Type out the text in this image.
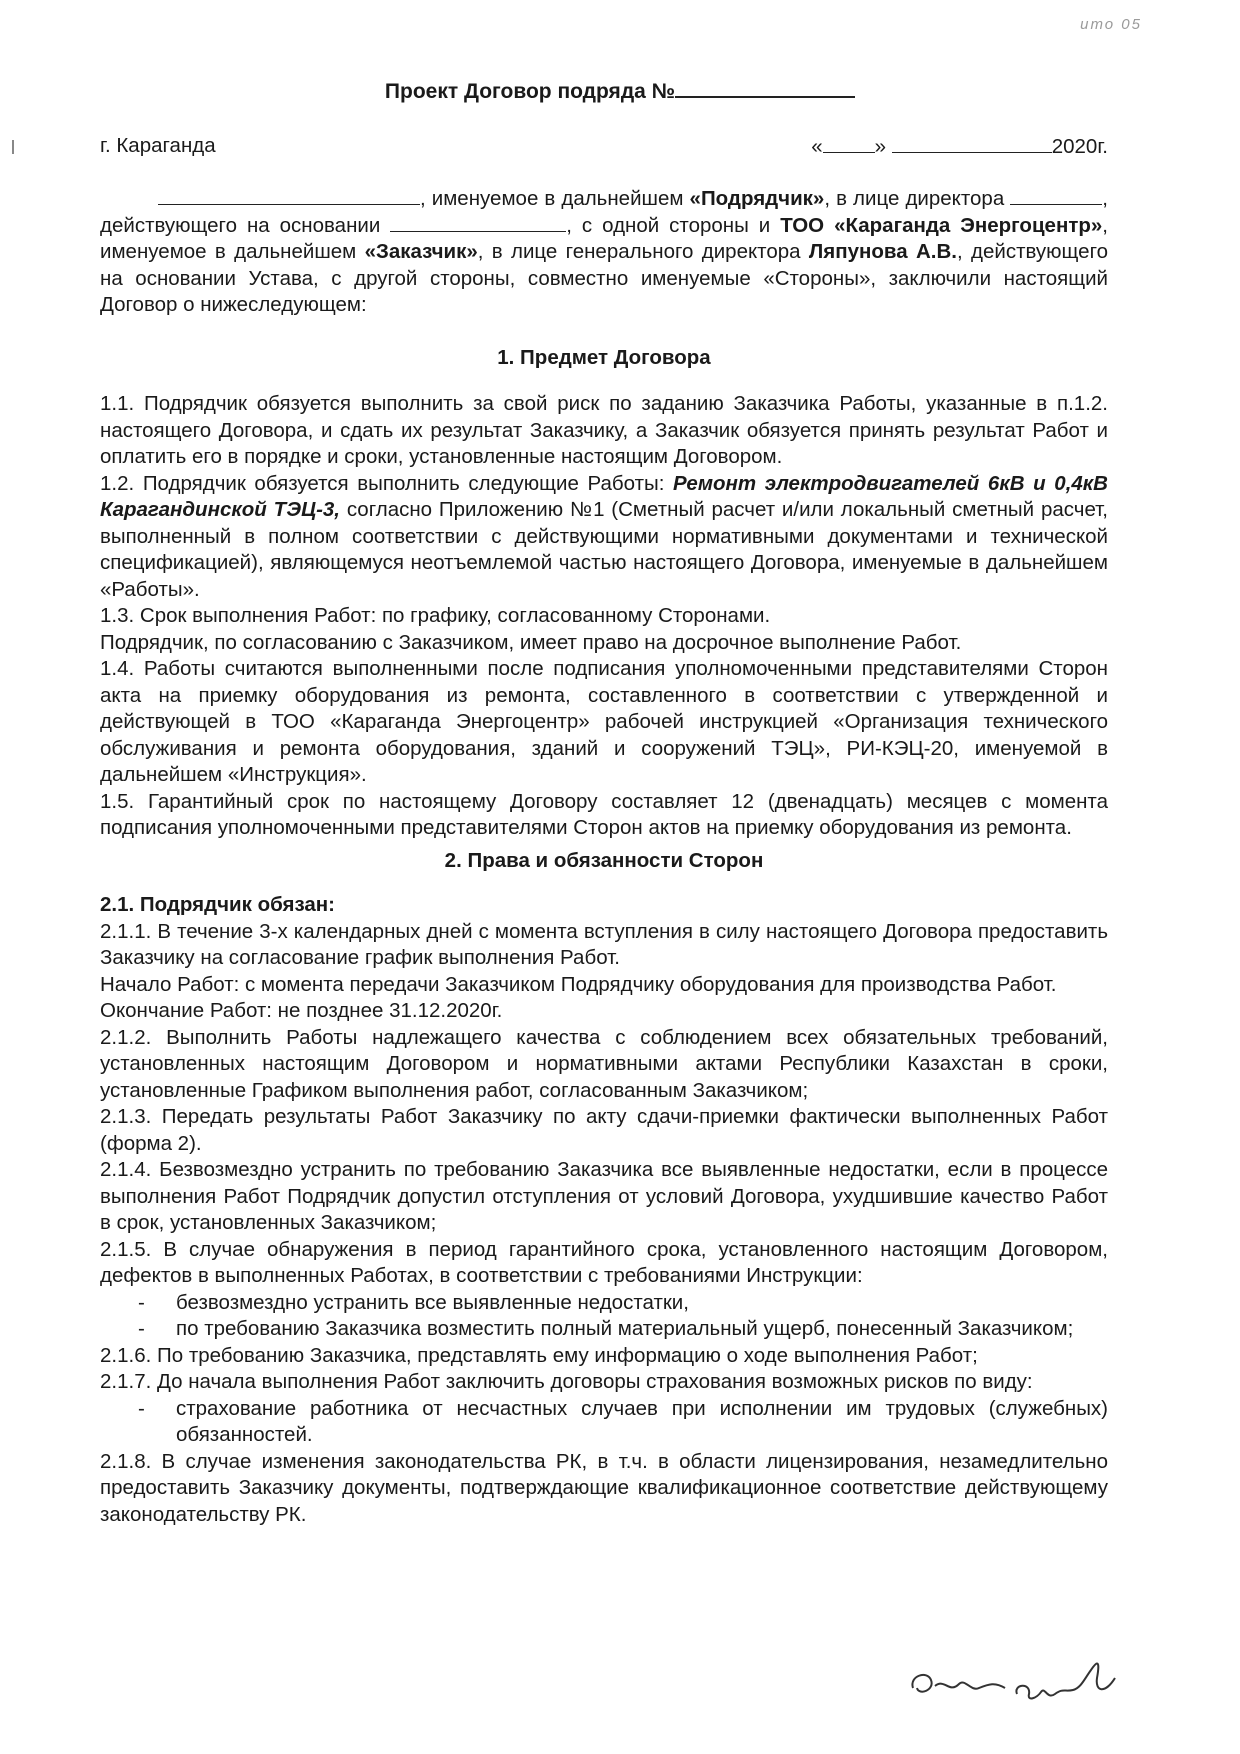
ито 05
Проект Договор подряда №
г. Караганда	«	»	2020г.

, именуемое в дальнейшем «Подрядчик», в лице директора	, действующего на основании	, с одной стороны и ТОО «Караганда Энергоцентр», именуемое в дальнейшем «Заказчик», в лице генерального директора Ляпунова А.В., действующего на основании Устава, с другой стороны, совместно именуемые «Стороны», заключили настоящий Договор о нижеследующем:

1. Предмет Договора

1.1. Подрядчик обязуется выполнить за свой риск по заданию Заказчика Работы, указанные в п.1.2. настоящего Договора, и сдать их результат Заказчику, а Заказчик обязуется принять результат Работ и оплатить его в порядке и сроки, установленные настоящим Договором.

1.2. Подрядчик обязуется выполнить следующие Работы: Ремонт электродвигателей 6кВ и 0,4кВ Карагандинской ТЭЦ-3, согласно Приложению №1 (Сметный расчет и/или локальный сметный расчет, выполненный в полном соответствии с действующими нормативными документами и технической спецификацией), являющемуся неотъемлемой частью настоящего Договора, именуемые в дальнейшем «Работы».

1.3. Срок выполнения Работ: по графику, согласованному Сторонами.

Подрядчик, по согласованию с Заказчиком, имеет право на досрочное выполнение Работ.

1.4. Работы считаются выполненными после подписания уполномоченными представителями Сторон акта на приемку оборудования из ремонта, составленного в соответствии с утвержденной и действующей в ТОО «Караганда Энергоцентр» рабочей инструкцией «Организация технического обслуживания и ремонта оборудования, зданий и сооружений ТЭЦ», РИ-КЭЦ-20, именуемой в дальнейшем «Инструкция».

1.5. Гарантийный срок по настоящему Договору составляет 12 (двенадцать) месяцев с момента подписания уполномоченными представителями Сторон актов на приемку оборудования из ремонта.

2. Права и обязанности Сторон

2.1. Подрядчик обязан:

2.1.1. В течение 3-х календарных дней с момента вступления в силу настоящего Договора предоставить Заказчику на согласование график выполнения Работ.

Начало Работ: с момента передачи Заказчиком Подрядчику оборудования для производства Работ.

Окончание Работ: не позднее 31.12.2020г.

2.1.2. Выполнить Работы надлежащего качества с соблюдением всех обязательных требований, установленных настоящим Договором и нормативными актами Республики Казахстан в сроки, установленные Графиком выполнения работ, согласованным Заказчиком;

2.1.3. Передать результаты Работ Заказчику по акту сдачи-приемки фактически выполненных Работ (форма 2).

2.1.4. Безвозмездно устранить по требованию Заказчика все выявленные недостатки, если в процессе выполнения Работ Подрядчик допустил отступления от условий Договора, ухудшившие качество Работ в срок, установленных Заказчиком;

2.1.5. В случае обнаружения в период гарантийного срока, установленного настоящим Договором, дефектов в выполненных Работах, в соответствии с требованиями Инструкции:

- безвозмездно устранить все выявленные недостатки,

- по требованию Заказчика возместить полный материальный ущерб, понесенный Заказчиком;

2.1.6. По требованию Заказчика, представлять ему информацию о ходе выполнения Работ;

2.1.7. До начала выполнения Работ заключить договоры страхования возможных рисков по виду:

- страхование работника от несчастных случаев при исполнении им трудовых (служебных) обязанностей.

2.1.8. В случае изменения законодательства РК, в т.ч. в области лицензирования, незамедлительно предоставить Заказчику документы, подтверждающие квалификационное соответствие действующему законодательству РК.
